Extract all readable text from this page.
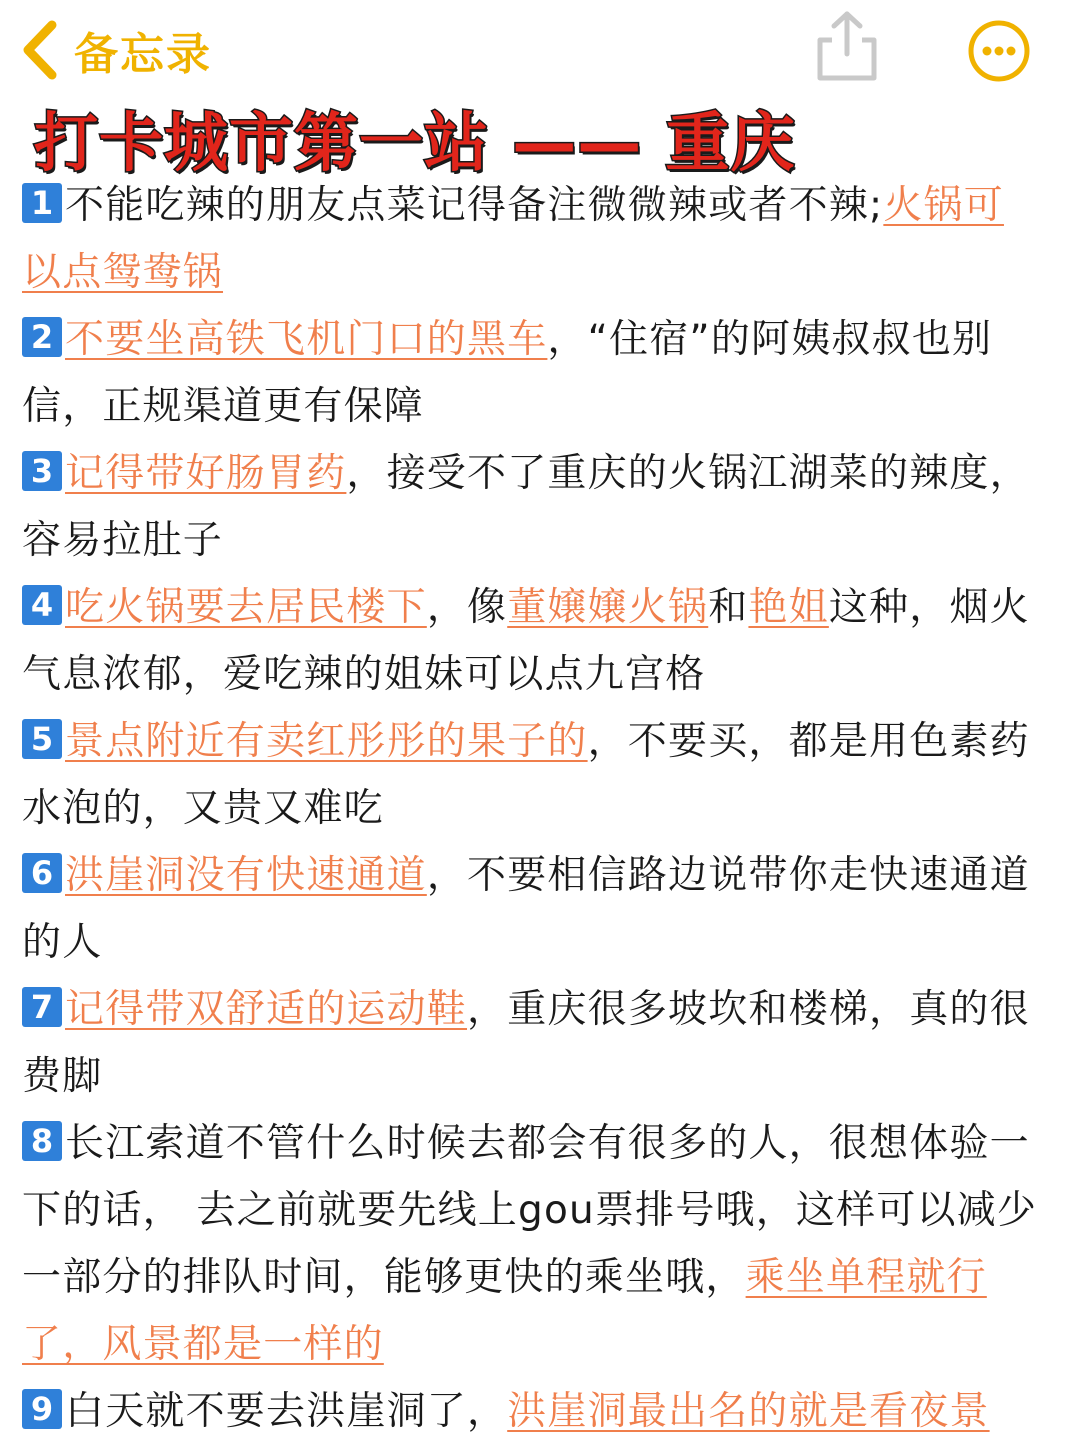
备忘录
打卡城市第一站 —— 重庆

1 不能吃辣的朋友点菜记得备注微微辣或者不辣;火锅可以点鸳鸯锅

2 不要坐高铁飞机门口的黑车，“住宿”的阿姨叔叔也别信，正规渠道更有保障

3 记得带好肠胃药，接受不了重庆的火锅江湖菜的辣度，容易拉肚子

4 吃火锅要去居民楼下，像董嬢嬢火锅和艳姐这种，烟火气息浓郁，爱吃辣的姐妹可以点九宫格

5 景点附近有卖红彤彤的果子的，不要买，都是用色素药水泡的，又贵又难吃

6 洪崖洞没有快速通道，不要相信路边说带你走快速通道的人

7 记得带双舒适的运动鞋，重庆很多坡坎和楼梯，真的很费脚

8 长江索道不管什么时候去都会有很多的人，很想体验一下的话， 去之前就要先线上gou票排号哦，这样可以减少一部分的排队时间，能够更快的乘坐哦，乘坐单程就行了，风景都是一样的

9 白天就不要去洪崖洞了，洪崖洞最出名的就是看夜景
